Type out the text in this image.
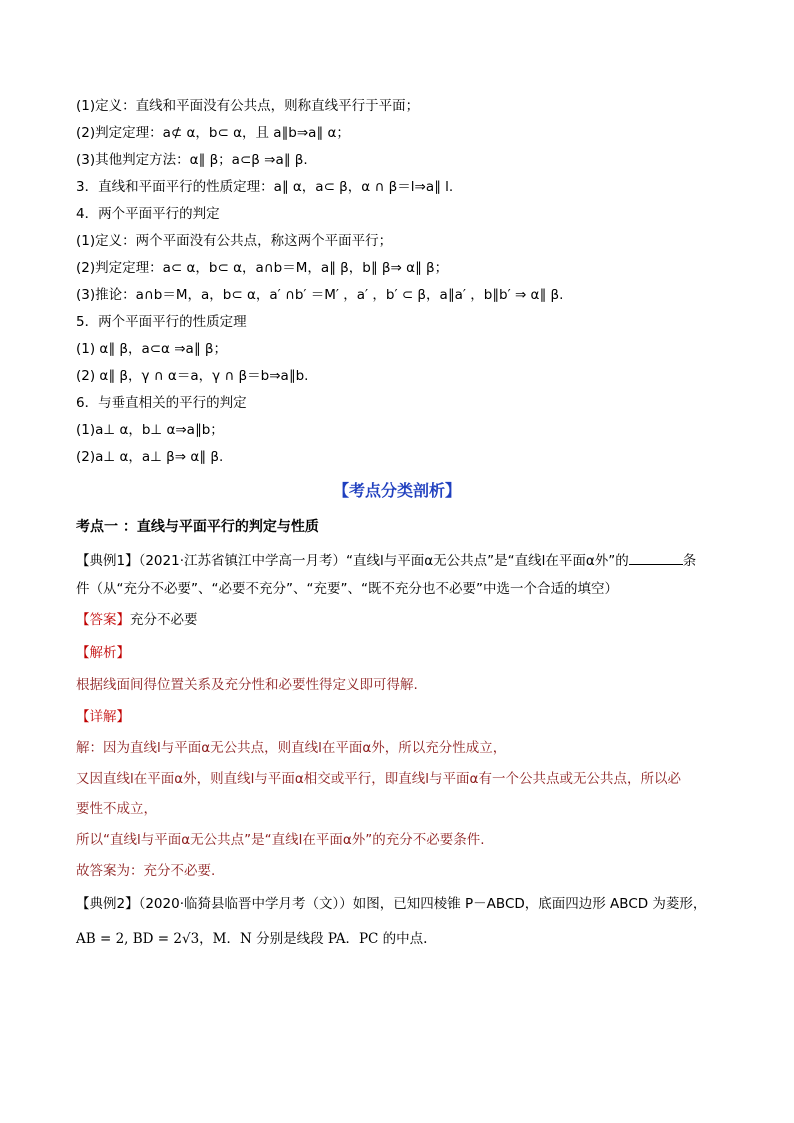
(1)定义：直线和平面没有公共点，则称直线平行于平面；
(2)判定定理：a⊄ α，b⊂ α，且 a∥b⇒a∥ α；
(3)其他判定方法：α∥ β；a⊂β ⇒a∥ β.
3．直线和平面平行的性质定理：a∥ α，a⊂ β，α ∩ β＝l⇒a∥ l.
4．两个平面平行的判定
(1)定义：两个平面没有公共点，称这两个平面平行；
(2)判定定理：a⊂ α，b⊂ α，a∩b＝M，a∥ β，b∥ β⇒ α∥ β；
(3)推论：a∩b＝M，a，b⊂ α，a′ ∩b′ ＝M′ ，a′ ，b′ ⊂ β，a∥a′ ，b∥b′ ⇒ α∥ β.
5．两个平面平行的性质定理
(1) α∥ β，a⊂α ⇒a∥ β；
(2) α∥ β，γ ∩ α＝a，γ ∩ β＝b⇒a∥b.
6．与垂直相关的平行的判定
(1)a⊥ α，b⊥ α⇒a∥b；
(2)a⊥ α，a⊥ β⇒ α∥ β.
【考点分类剖析】
考点一 ：直线与平面平行的判定与性质
【典例1】（2021·江苏省镇江中学高一月考）“直线l与平面α无公共点”是“直线l在平面α外”的	条
件（从“充分不必要”、“必要不充分”、“充要”、“既不充分也不必要”中选一个合适的填空）
【答案】充分不必要
【解析】
根据线面间得位置关系及充分性和必要性得定义即可得解.
【详解】
解：因为直线l与平面α无公共点，则直线l在平面α外，所以充分性成立，
又因直线l在平面α外，则直线l与平面α相交或平行，即直线l与平面α有一个公共点或无公共点，所以必
要性不成立，
所以“直线l与平面α无公共点”是“直线l在平面α外”的充分不必要条件.
故答案为：充分不必要.
【典例2】（2020·临猗县临晋中学月考（文））如图，已知四棱锥 P－ABCD，底面四边形 ABCD 为菱形，
AB = 2, BD = 2√3，M．N 分别是线段 PA．PC 的中点.
